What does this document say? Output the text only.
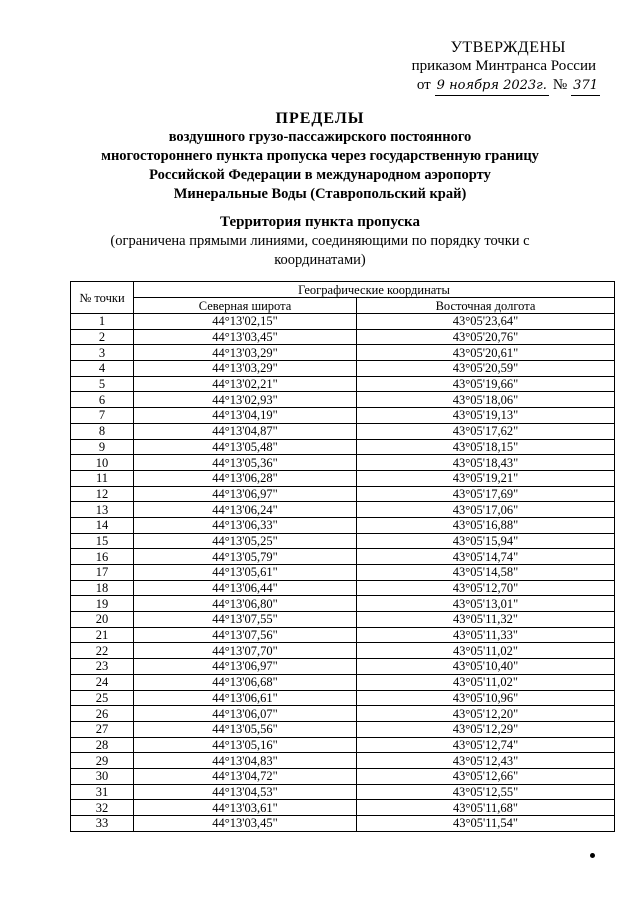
УТВЕРЖДЕНЫ
приказом Минтранса России
от 9 ноября 2023г. № 371
ПРЕДЕЛЫ
воздушного грузо-пассажирского постоянного
многостороннего пункта пропуска через государственную границу
Российской Федерации в международном аэропорту
Минеральные Воды (Ставропольский край)
Территория пункта пропуска
(ограничена прямыми линиями, соединяющими по порядку точки с
координатами)
№ точки	Географические координаты	
	Северная широта	Восточная долгота
1	44°13'02,15"	43°05'23,64"
2	44°13'03,45"	43°05'20,76"
3	44°13'03,29"	43°05'20,61"
4	44°13'03,29"	43°05'20,59"
5	44°13'02,21"	43°05'19,66"
6	44°13'02,93"	43°05'18,06"
7	44°13'04,19"	43°05'19,13"
8	44°13'04,87"	43°05'17,62"
9	44°13'05,48"	43°05'18,15"
10	44°13'05,36"	43°05'18,43"
11	44°13'06,28"	43°05'19,21"
12	44°13'06,97"	43°05'17,69"
13	44°13'06,24"	43°05'17,06"
14	44°13'06,33"	43°05'16,88"
15	44°13'05,25"	43°05'15,94"
16	44°13'05,79"	43°05'14,74"
17	44°13'05,61"	43°05'14,58"
18	44°13'06,44"	43°05'12,70"
19	44°13'06,80"	43°05'13,01"
20	44°13'07,55"	43°05'11,32"
21	44°13'07,56"	43°05'11,33"
22	44°13'07,70"	43°05'11,02"
23	44°13'06,97"	43°05'10,40"
24	44°13'06,68"	43°05'11,02"
25	44°13'06,61"	43°05'10,96"
26	44°13'06,07"	43°05'12,20"
27	44°13'05,56"	43°05'12,29"
28	44°13'05,16"	43°05'12,74"
29	44°13'04,83"	43°05'12,43"
30	44°13'04,72"	43°05'12,66"
31	44°13'04,53"	43°05'12,55"
32	44°13'03,61"	43°05'11,68"
33	44°13'03,45"	43°05'11,54"
